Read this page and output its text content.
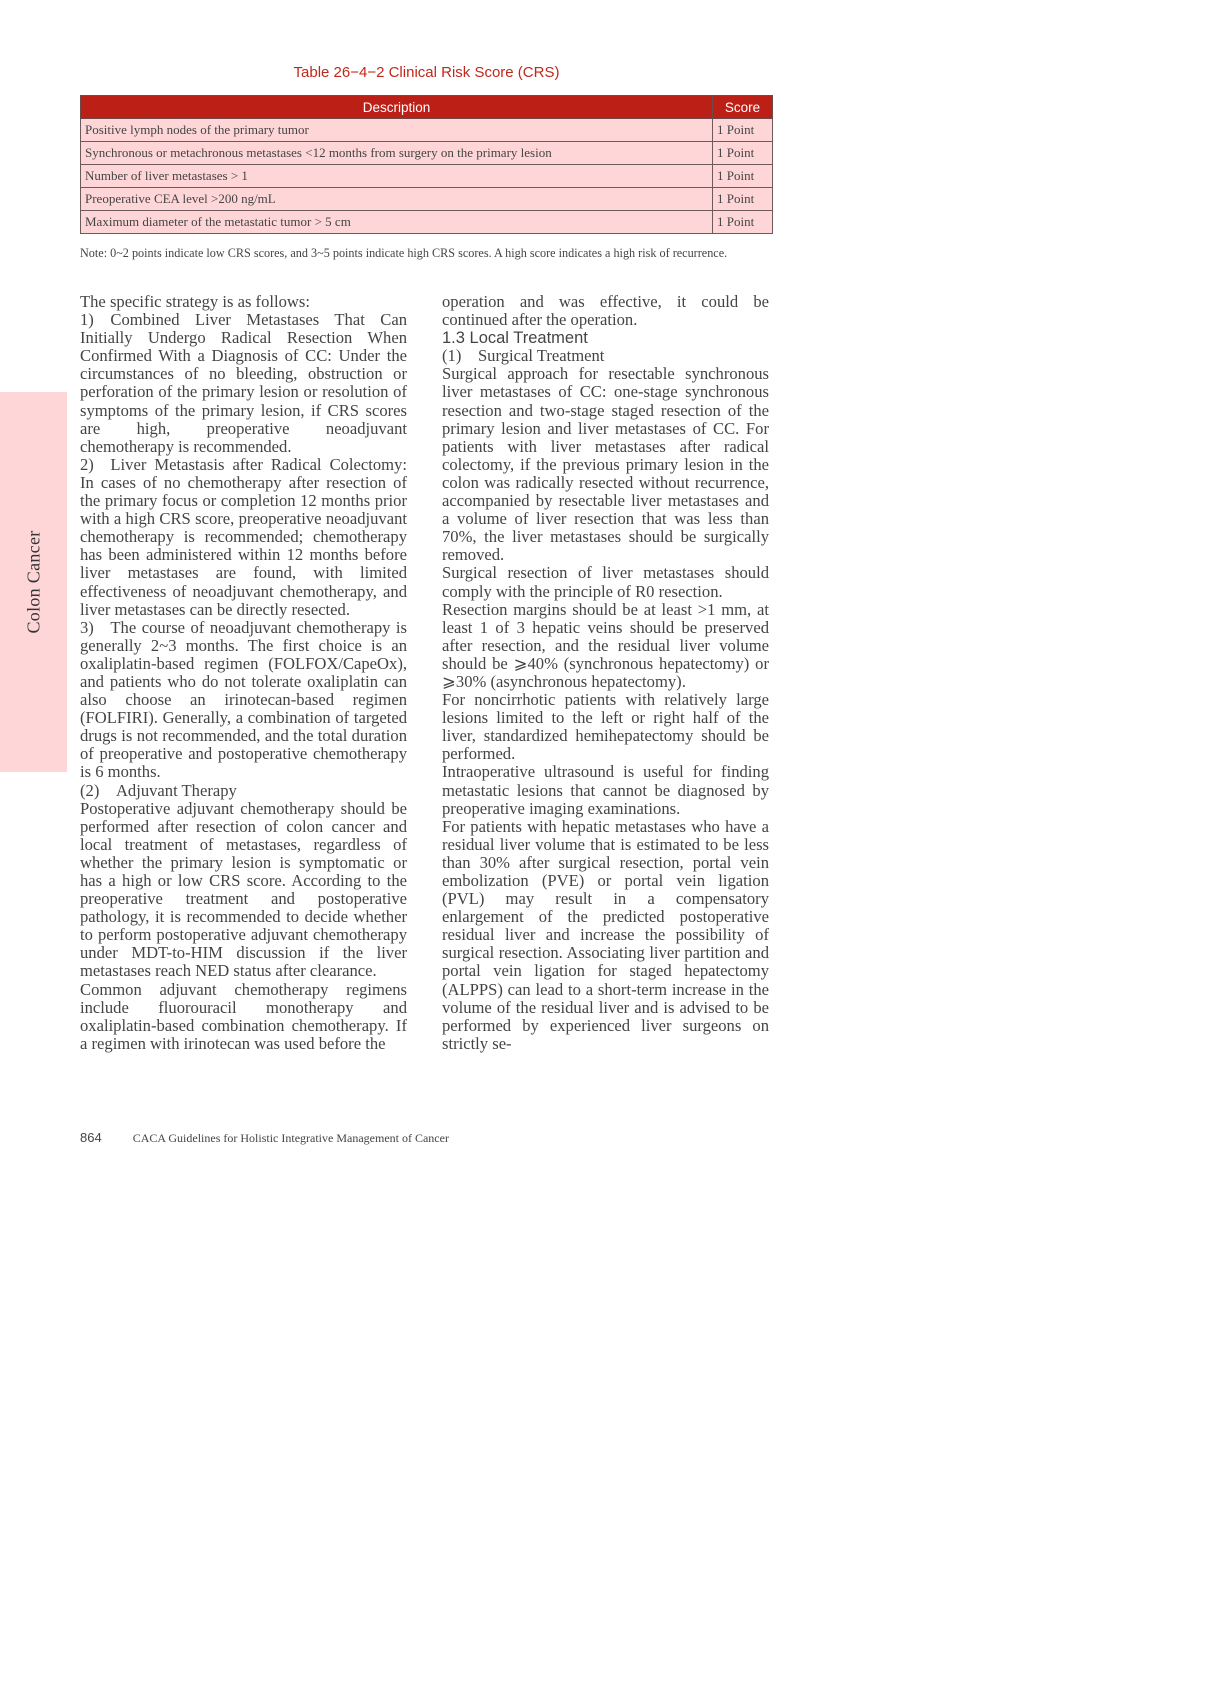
Colon Cancer
Table 26−4−2 Clinical Risk Score (CRS)
Description	Score
Positive lymph nodes of the primary tumor	1 Point
Synchronous or metachronous metastases <12 months from surgery on the primary lesion	1 Point
Number of liver metastases > 1	1 Point
Preoperative CEA level >200 ng/mL	1 Point
Maximum diameter of the metastatic tumor > 5 cm	1 Point
Note: 0~2 points indicate low CRS scores, and 3~5 points indicate high CRS scores. A high score indicates a high risk of recurrence.

The specific strategy is as follows:

1) Combined Liver Metastases That Can Initially Undergo Radical Resection When Confirmed With a Diagnosis of CC: Under the circumstances of no bleeding, obstruction or perforation of the primary lesion or resolution of symptoms of the primary lesion, if CRS scores are high, preoperative neoadjuvant chemotherapy is recommended.

2) Liver Metastasis after Radical Colectomy: In cases of no chemotherapy after resection of the primary focus or completion 12 months prior with a high CRS score, preoperative neoadjuvant chemotherapy is recommended; chemotherapy has been administered within 12 months before liver metastases are found, with limited effectiveness of neoadjuvant chemotherapy, and liver metastases can be directly resected.

3) The course of neoadjuvant chemotherapy is generally 2~3 months. The first choice is an oxaliplatin-based regimen (FOLFOX/CapeOx), and patients who do not tolerate oxaliplatin can also choose an irinotecan-based regimen (FOLFIRI). Generally, a combination of targeted drugs is not recommended, and the total duration of preoperative and postoperative chemotherapy is 6 months.

(2) Adjuvant Therapy

Postoperative adjuvant chemotherapy should be performed after resection of colon cancer and local treatment of metastases, regardless of whether the primary lesion is symptomatic or has a high or low CRS score. According to the preoperative treatment and postoperative pathology, it is recommended to decide whether to perform postoperative adjuvant chemotherapy under MDT-to-HIM discussion if the liver metastases reach NED status after clearance.

Common adjuvant chemotherapy regimens include fluorouracil monotherapy and oxaliplatin-based combination chemotherapy. If a regimen with irinotecan was used before the

operation and was effective, it could be continued after the operation.

1.3 Local Treatment

(1) Surgical Treatment

Surgical approach for resectable synchronous liver metastases of CC: one-stage synchronous resection and two-stage staged resection of the primary lesion and liver metastases of CC. For patients with liver metastases after radical colectomy, if the previous primary lesion in the colon was radically resected without recurrence, accompanied by resectable liver metastases and a volume of liver resection that was less than 70%, the liver metastases should be surgically removed.

Surgical resection of liver metastases should comply with the principle of R0 resection.

Resection margins should be at least >1 mm, at least 1 of 3 hepatic veins should be preserved after resection, and the residual liver volume should be ⩾40% (synchronous hepatectomy) or ⩾30% (asynchronous hepatectomy).

For noncirrhotic patients with relatively large lesions limited to the left or right half of the liver, standardized hemihepatectomy should be performed.

Intraoperative ultrasound is useful for finding metastatic lesions that cannot be diagnosed by preoperative imaging examinations.

For patients with hepatic metastases who have a residual liver volume that is estimated to be less than 30% after surgical resection, portal vein embolization (PVE) or portal vein ligation (PVL) may result in a compensatory enlargement of the predicted postoperative residual liver and increase the possibility of surgical resection. Associating liver partition and portal vein ligation for staged hepatectomy (ALPPS) can lead to a short-term increase in the volume of the residual liver and is advised to be performed by experienced liver surgeons on strictly se-

864	CACA Guidelines for Holistic Integrative Management of Cancer
